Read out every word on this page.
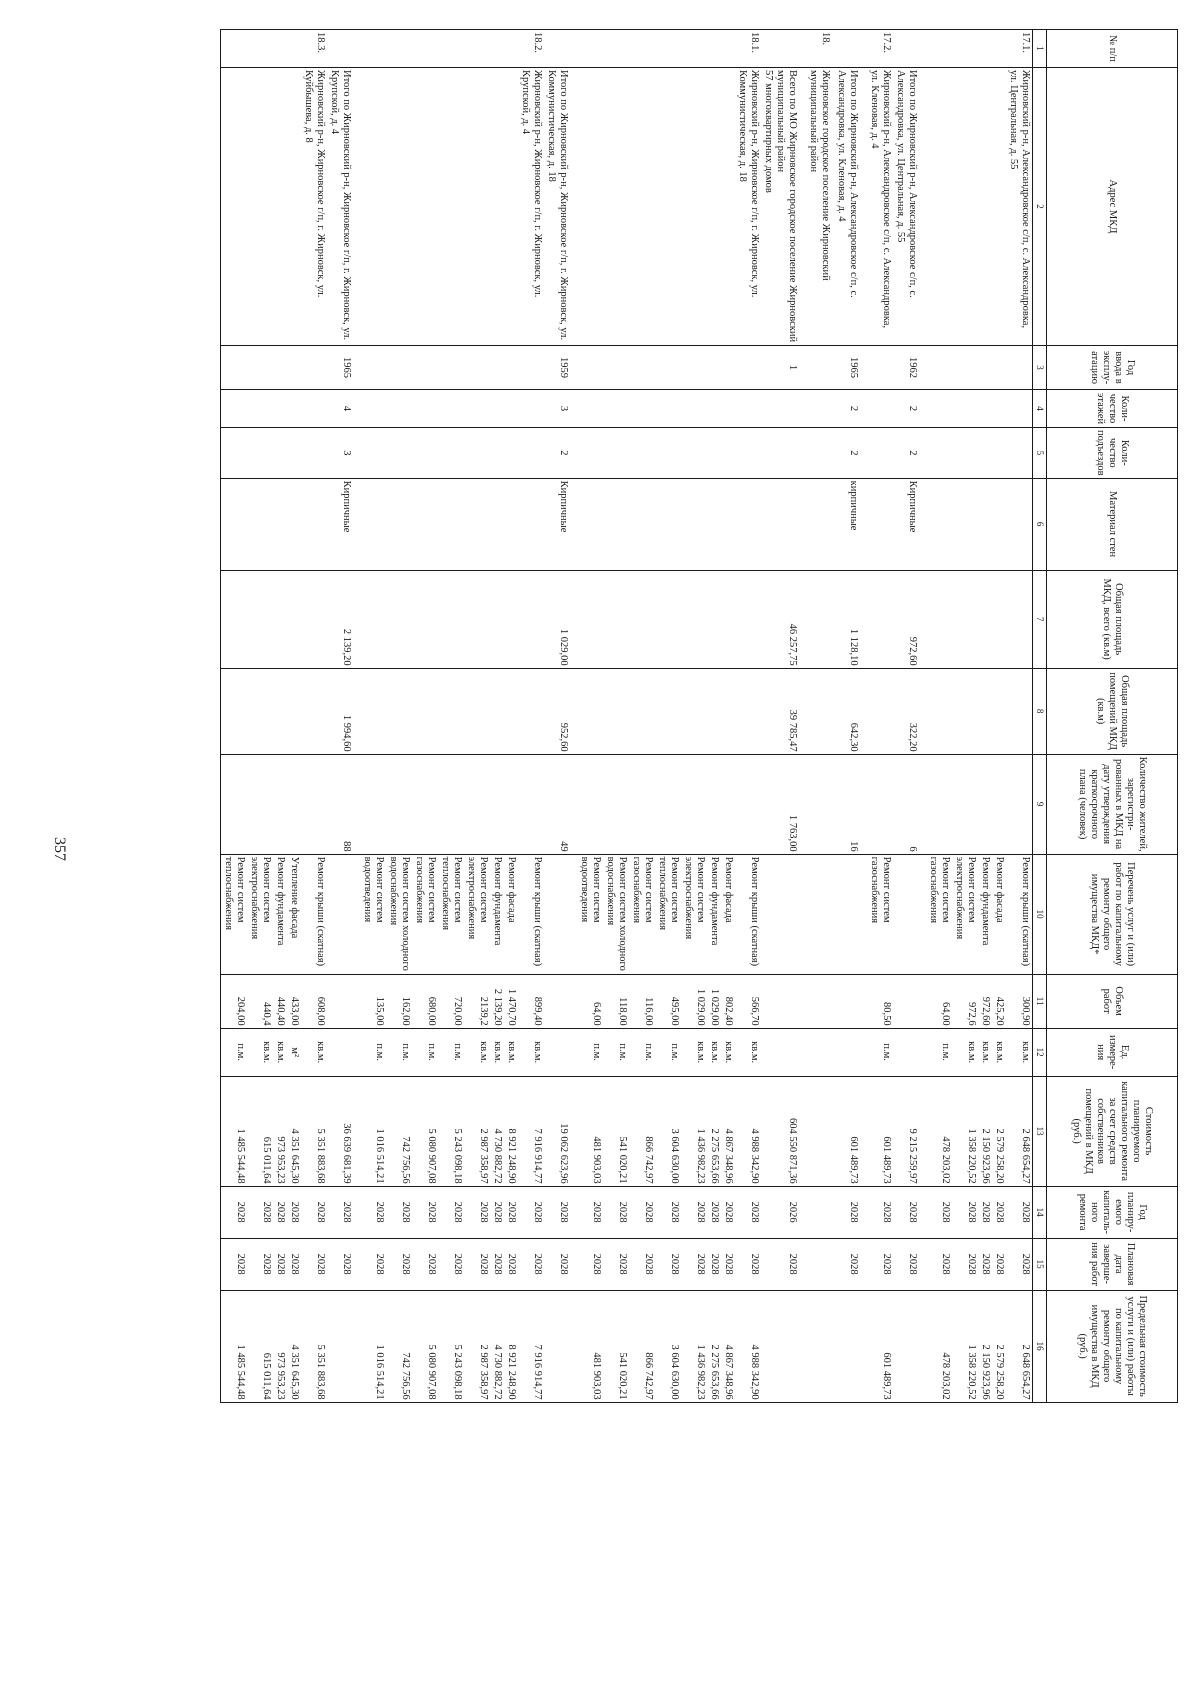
357
№ п/п	Адрес МКД	Год ввода в эксплу-атацию	Коли-чество этажей	Коли-чество подъездов	Материал стен	Общая площадь МКД, всего (кв.м)	Общая площадь помещений МКД (кв.м)	Количество жителей, зарегистри-рованных в МКД на дату утверждения краткосрочного плана (человек)	Перечень услуг и (или) работ по капитальному ремонту общего имущества МКД*	Объем работ	Ед. измере-ния	Стоимость планируемого капитального ремонта за счет средств собственников помещений в МКД (руб.)	Год планиру-емого капиталь-ного ремонта	Плановая дата заверше-ния работ	Предельная стоимость услуги и (или) работы по капитальному ремонту общего имущества в МКД (руб.)
1	2	3	4	5	6	7	8	9	10	11	12	13	14	15	16
17.1.	Жирновский р-н, Александровское с/п, с. Александровка, ул. Центральная, д. 55								Ремонт крыши (скатная)	300,90	кв.м.	2 648 654,27	2028	2028	2 648 654,27
									Ремонт фасада	425,20	кв.м.	2 579 258,20	2028	2028	2 579 258,20
									Ремонт фундамента	972,60	кв.м.	2 150 923,96	2028	2028	2 150 923,96
									Ремонт систем электроснабжения	972,6	кв.м.	1 358 220,52	2028	2028	1 358 220,52
									Ремонт систем газоснабжения	64,00	п.м.	478 203,02	2028	2028	478 203,02
	Итого по Жирновский р-н, Александровское с/п, с. Александровка, ул. Центральная, д. 55	1962	2	2	Кирпичные	972,60	322,20	6				9 215 259,97	2028	2028	
17.2.	Жирновский р-н, Александровское с/п, с. Александровка, ул. Кленовая, д. 4								Ремонт систем газоснабжения	80,50	п.м.	601 489,73	2028	2028	601 489,73
	Итого по Жирновский р-н, Александровское с/п, с. Александровка, ул. Кленовая, д. 4	1965	2	2	кирпичные	1 128,10	642,30	16				601 489,73	2028	2028	
18.	Жирновское городское поселение Жирновский муниципальный район														

	Всего по МО Жирновское городское поселение Жирновский муниципальный район
57 многоквартирных домов	1				46 257,75	39 785,47	1 763,00				604 550 871,36	2026	2028	
18.1.	Жирновский р-н, Жирновское г/п, г. Жирновск, ул. Коммунистическая, д. 18								Ремонт крыши (скатная)	566,70	кв.м.	4 988 342,90	2028	2028	4 988 342,90
									Ремонт фасада	802,40	кв.м.	4 867 348,96	2028	2028	4 867 348,96
									Ремонт фундамента	1 029,00	кв.м.	2 275 653,66	2028	2028	2 275 653,66
									Ремонт систем электроснабжения	1 029,00	кв.м.	1 436 982,23	2028	2028	1 436 982,23
									Ремонт систем теплоснабжения	495,00	п.м.	3 604 630,00	2028	2028	3 604 630,00
									Ремонт систем газоснабжения	116,00	п.м.	866 742,97	2028	2028	866 742,97
									Ремонт систем холодного водоснабжения	118,00	п.м.	541 020,21	2028	2028	541 020,21
									Ремонт систем водоотведения	64,00	п.м.	481 903,03	2028	2028	481 903,03
	Итого по Жирновский р-н, Жирновское г/п, г. Жирновск, ул. Коммунистическая, д. 18	1959	3	2	Кирпичные	1 029,00	952,60	49				19 062 623,96	2028	2028	
18.2.	Жирновский р-н, Жирновское г/п, г. Жирновск, ул. Крупской, д. 4								Ремонт крыши (скатная)	899,40	кв.м.	7 916 914,77	2028	2028	7 916 914,77
									Ремонт фасада	1 470,70	кв.м.	8 921 248,90	2028	2028	8 921 248,90
									Ремонт фундамента	2 139,20	кв.м.	4 730 882,72	2028	2028	4 730 882,72
									Ремонт систем электроснабжения	2139,2	кв.м.	2 987 358,97	2028	2028	2 987 358,97
									Ремонт систем теплоснабжения	720,00	п.м.	5 243 098,18	2028	2028	5 243 098,18
									Ремонт систем газоснабжения	680,00	п.м.	5 080 907,08	2028	2028	5 080 907,08
									Ремонт систем холодного водоснабжения	162,00	п.м.	742 756,56	2028	2028	742 756,56
									Ремонт систем водоотведения	135,00	п.м.	1 016 514,21	2028	2028	1 016 514,21
	Итого по Жирновский р-н, Жирновское г/п, г. Жирновск, ул. Крупской, д. 4	1965	4	3	Кирпичные	2 139,20	1 994,60	88				36 639 681,39	2028	2028	
18.3.	Жирновский р-н, Жирновское г/п, г. Жирновск, ул. Куйбышева, д. 8								Ремонт крыши (скатная)	608,00	кв.м.	5 351 883,68	2028	2028	5 351 883,68
									Утепление фасада	433,00	м²	4 351 645,30	2028	2028	4 351 645,30
									Ремонт фундамента	440,40	кв.м.	973 953,23	2028	2028	973 953,23
									Ремонт систем электроснабжения	440,4	кв.м.	615 011,64	2028	2028	615 011,64
									Ремонт систем теплоснабжения	204,00	п.м.	1 485 544,48	2028	2028	1 485 544,48
